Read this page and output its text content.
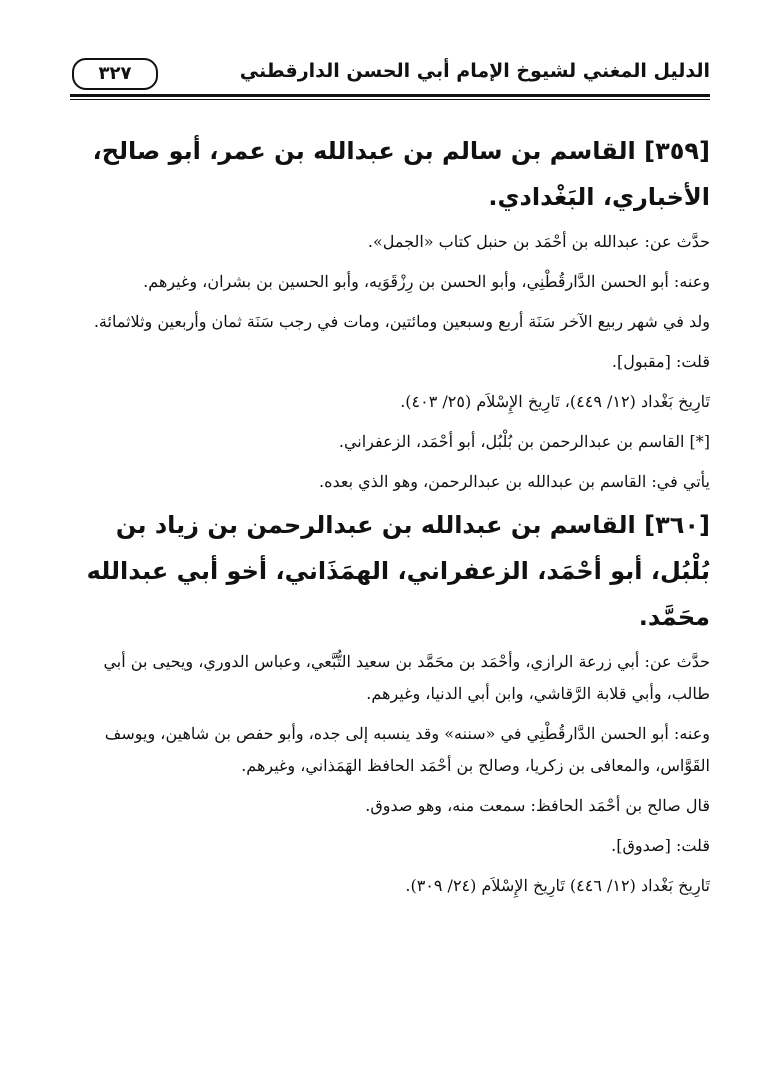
٣٢٧	الدليل المغني لشيوخ الإمام أبي الحسن الدارقطني
[٣٥٩] القاسم بن سالم بن عبدالله بن عمر، أبو صالح، الأخباري، البَغْدادي.

حدَّث عن: عبدالله بن أحْمَد بن حنبل كتاب «الجمل».

وعنه: أبو الحسن الدَّارقُطْنِي، وأبو الحسن بن رِزْقَوَيه، وأبو الحسين بن بشران، وغيرهم.

ولد في شهر ربيع الآخر سَنَة أربع وسبعين ومائتين، ومات في رجب سَنَة ثمان وأربعين وثلاثمائة.

قلت: [مقبول].

تَارِيخ بَغْداد (١٢/ ٤٤٩)، تَارِيخ الإِسْلاَم (٢٥/ ٤٠٣).

[*] القاسم بن عبدالرحمن بن بُلْبُل، أبو أحْمَد، الزعفراني.

يأتي في: القاسم بن عبدالله بن عبدالرحمن، وهو الذي بعده.

[٣٦٠] القاسم بن عبدالله بن عبدالرحمن بن زياد بن بُلْبُل، أبو أحْمَد، الزعفراني، الهمَذَاني، أخو أبي عبدالله محَمَّد.

حدَّث عن: أبي زرعة الرازي، وأحْمَد بن محَمَّد بن سعيد التُّبَّعي، وعباس الدوري، ويحيى بن أبي طالب، وأبي قلابة الرَّقاشي، وابن أبي الدنيا، وغيرهم.

وعنه: أبو الحسن الدَّارقُطْنِي في «سننه» وقد ينسبه إلى جده، وأبو حفص بن شاهين، ويوسف القَوَّاس، والمعافى بن زكريا، وصالح بن أحْمَد الحافظ الهَمَذاني، وغيرهم.

قال صالح بن أحْمَد الحافظ: سمعت منه، وهو صدوق.

قلت: [صدوق].

تَارِيخ بَغْداد (١٢/ ٤٤٦) تَارِيخ الإِسْلاَم (٢٤/ ٣٠٩).
